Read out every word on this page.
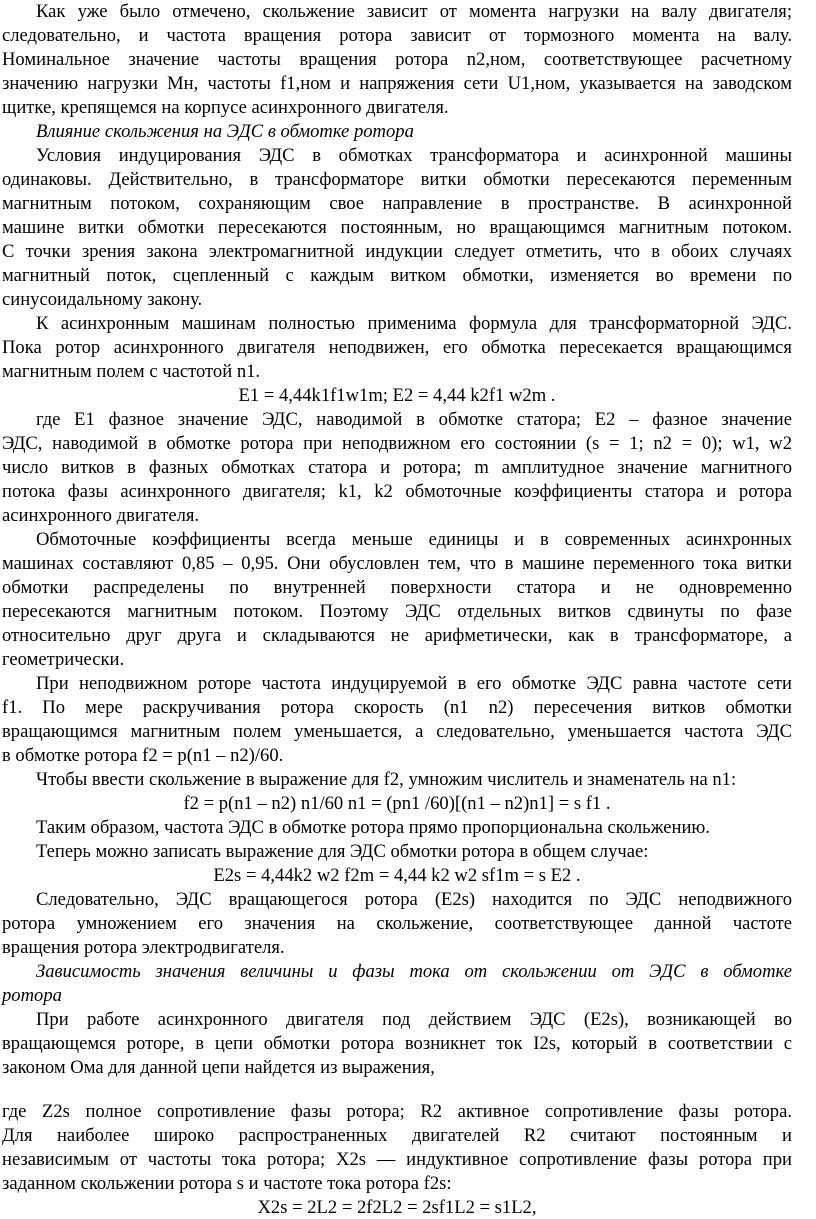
Как уже было отмечено, скольжение зависит от момента нагрузки на валу двигателя;
следовательно, и частота вращения ротора зависит от тормозного момента на валу.
Номинальное значение частоты вращения ротора n2,ном, соответствующее расчетному
значению нагрузки Mн, частоты f1,ном и напряжения сети U1,ном, указывается на заводском
щитке, крепящемся на корпусе асинхронного двигателя.
Влияние скольжения на ЭДС в обмотке ротора
Условия индуцирования ЭДС в обмотках трансформатора и асинхронной машины
одинаковы. Действительно, в трансформаторе витки обмотки пересекаются переменным
магнитным потоком, сохраняющим свое направление в пространстве. В асинхронной
машине витки обмотки пересекаются постоянным, но вращающимся магнитным потоком.
С точки зрения закона электромагнитной индукции следует отметить, что в обоих случаях
магнитный поток, сцепленный с каждым витком обмотки, изменяется во времени по
синусоидальному закону.
К асинхронным машинам полностью применима формула для трансформаторной ЭДС.
Пока ротор асинхронного двигателя неподвижен, его обмотка пересекается вращающимся
магнитным полем с частотой n1.
E1 = 4,44k1f1w1m; E2 = 4,44 k2f1 w2m .
где E1 фазное значение ЭДС, наводимой в обмотке статора; E2 – фазное значение
ЭДС, наводимой в обмотке ротора при неподвижном его состоянии (s = 1; n2 = 0); w1, w2
число витков в фазных обмотках статора и ротора; m амплитудное значение магнитного
потока фазы асинхронного двигателя; k1, k2 обмоточные коэффициенты статора и ротора
асинхронного двигателя.
Обмоточные коэффициенты всегда меньше единицы и в современных асинхронных
машинах составляют 0,85 – 0,95. Они обусловлен тем, что в машине переменного тока витки
обмотки распределены по внутренней поверхности статора и не одновременно
пересекаются магнитным потоком. Поэтому ЭДС отдельных витков сдвинуты по фазе
относительно друг друга и складываются не арифметически, как в трансформаторе, а
геометрически.
При неподвижном роторе частота индуцируемой в его обмотке ЭДС равна частоте сети
f1. По мере раскручивания ротора скорость (n1 n2) пересечения витков обмотки
вращающимся магнитным полем уменьшается, а следовательно, уменьшается частота ЭДС
в обмотке ротора f2 = p(n1 – n2)/60.
Чтобы ввести скольжение в выражение для f2, умножим числитель и знаменатель на n1:
f2 = p(n1 – n2) n1/60 n1 = (pn1 /60)[(n1 – n2)n1] = s f1 .
Таким образом, частота ЭДС в обмотке ротора прямо пропорциональна скольжению.
Теперь можно записать выражение для ЭДС обмотки ротора в общем случае:
E2s = 4,44k2 w2 f2m = 4,44 k2 w2 sf1m = s E2 .
Следовательно, ЭДС вращающегося ротора (E2s) находится по ЭДС неподвижного
ротора умножением его значения на скольжение, соответствующее данной частоте
вращения ротора электродвигателя.
Зависимость значения величины и фазы тока от скольжении от ЭДС в обмотке
ротора
При работе асинхронного двигателя под действием ЭДС (E2s), возникающей во
вращающемся роторе, в цепи обмотки ротора возникнет ток I2s, который в соответствии с
законом Ома для данной цепи найдется из выражения,
где Z2s полное сопротивление фазы ротора; R2 активное сопротивление фазы ротора.
Для наиболее широко распространенных двигателей R2 считают постоянным и
независимым от частоты тока ротора; X2s — индуктивное сопротивление фазы ротора при
заданном скольжении ротора s и частоте тока ротора f2s:
X2s = 2L2 = 2f2L2 = 2sf1L2 = s1L2,
